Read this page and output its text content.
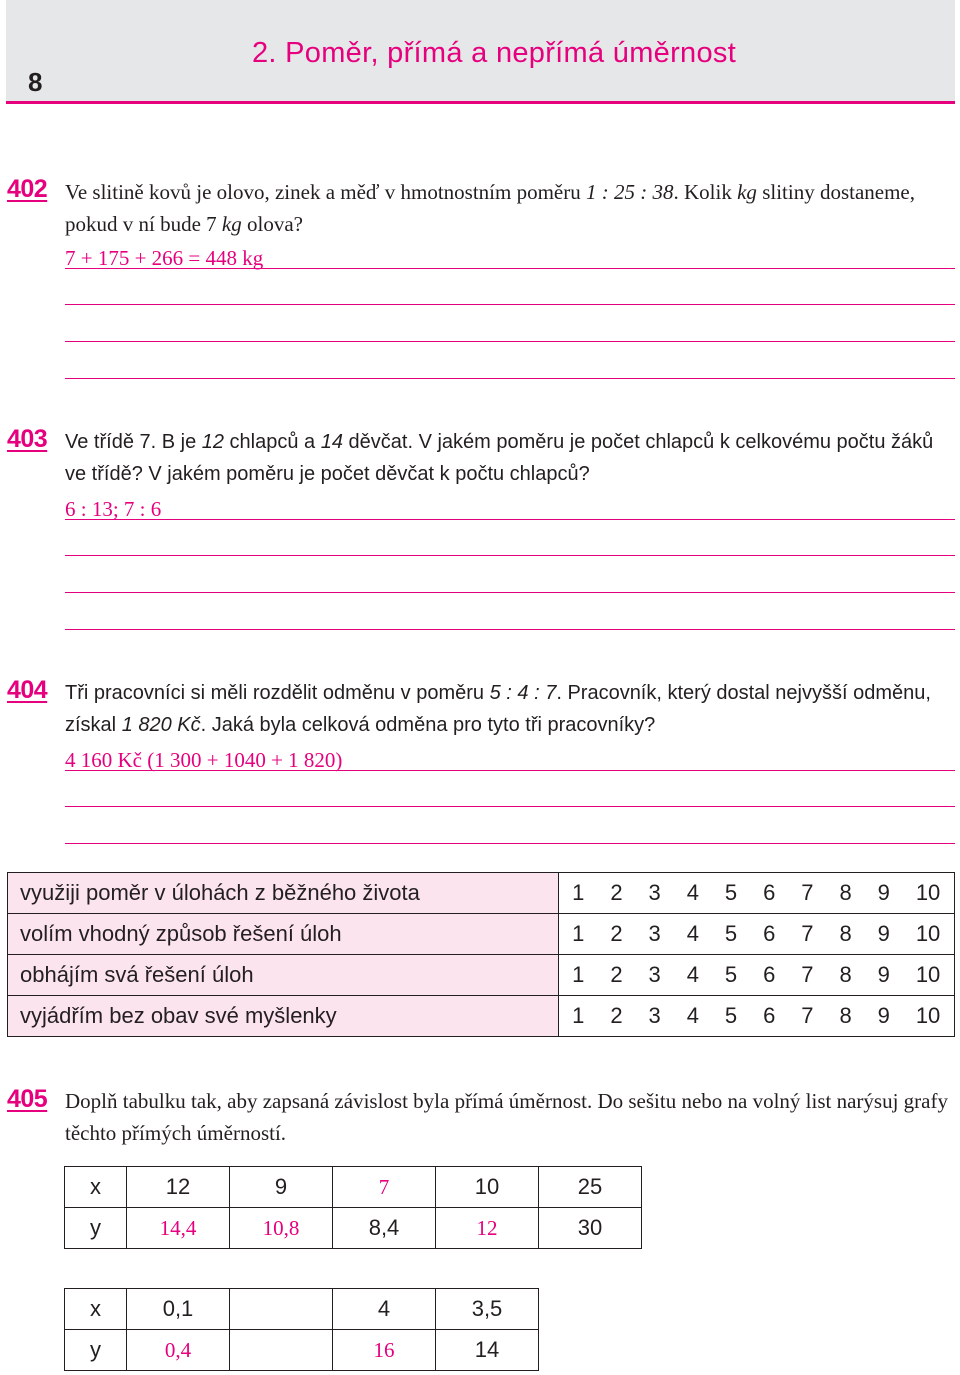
8
2. Poměr, přímá a nepřímá úměrnost
402 Ve slitině kovů je olovo, zinek a měď v hmotnostním poměru 1 : 25 : 38. Kolik kg slitiny dostaneme, pokud v ní bude 7 kg olova?
7 + 175 + 266 = 448 kg
403 Ve třídě 7. B je 12 chlapců a 14 děvčat. V jakém poměru je počet chlapců k celkovému počtu žáků ve třídě? V jakém poměru je počet děvčat k počtu chlapců?
6 : 13; 7 : 6
404 Tři pracovníci si měli rozdělit odměnu v poměru 5 : 4 : 7. Pracovník, který dostal nejvyšší odměnu, získal 1 820 Kč. Jaká byla celková odměna pro tyto tři pracovníky?
4 160 Kč (1 300 + 1040 + 1 820)
využiji poměr v úlohách z běžného života	1 2 3 4 5 6 7 8 9 10
volím vhodný způsob řešení úloh	1 2 3 4 5 6 7 8 9 10
obhájím svá řešení úloh	1 2 3 4 5 6 7 8 9 10
vyjádřím bez obav své myšlenky	1 2 3 4 5 6 7 8 9 10
405 Doplň tabulku tak, aby zapsaná závislost byla přímá úměrnost. Do sešitu nebo na volný list narýsuj grafy těchto přímých úměrností.
x	12	9	7	10	25
y	14,4	10,8	8,4	12	30
x	0,1		4	3,5
y	0,4		16	14
